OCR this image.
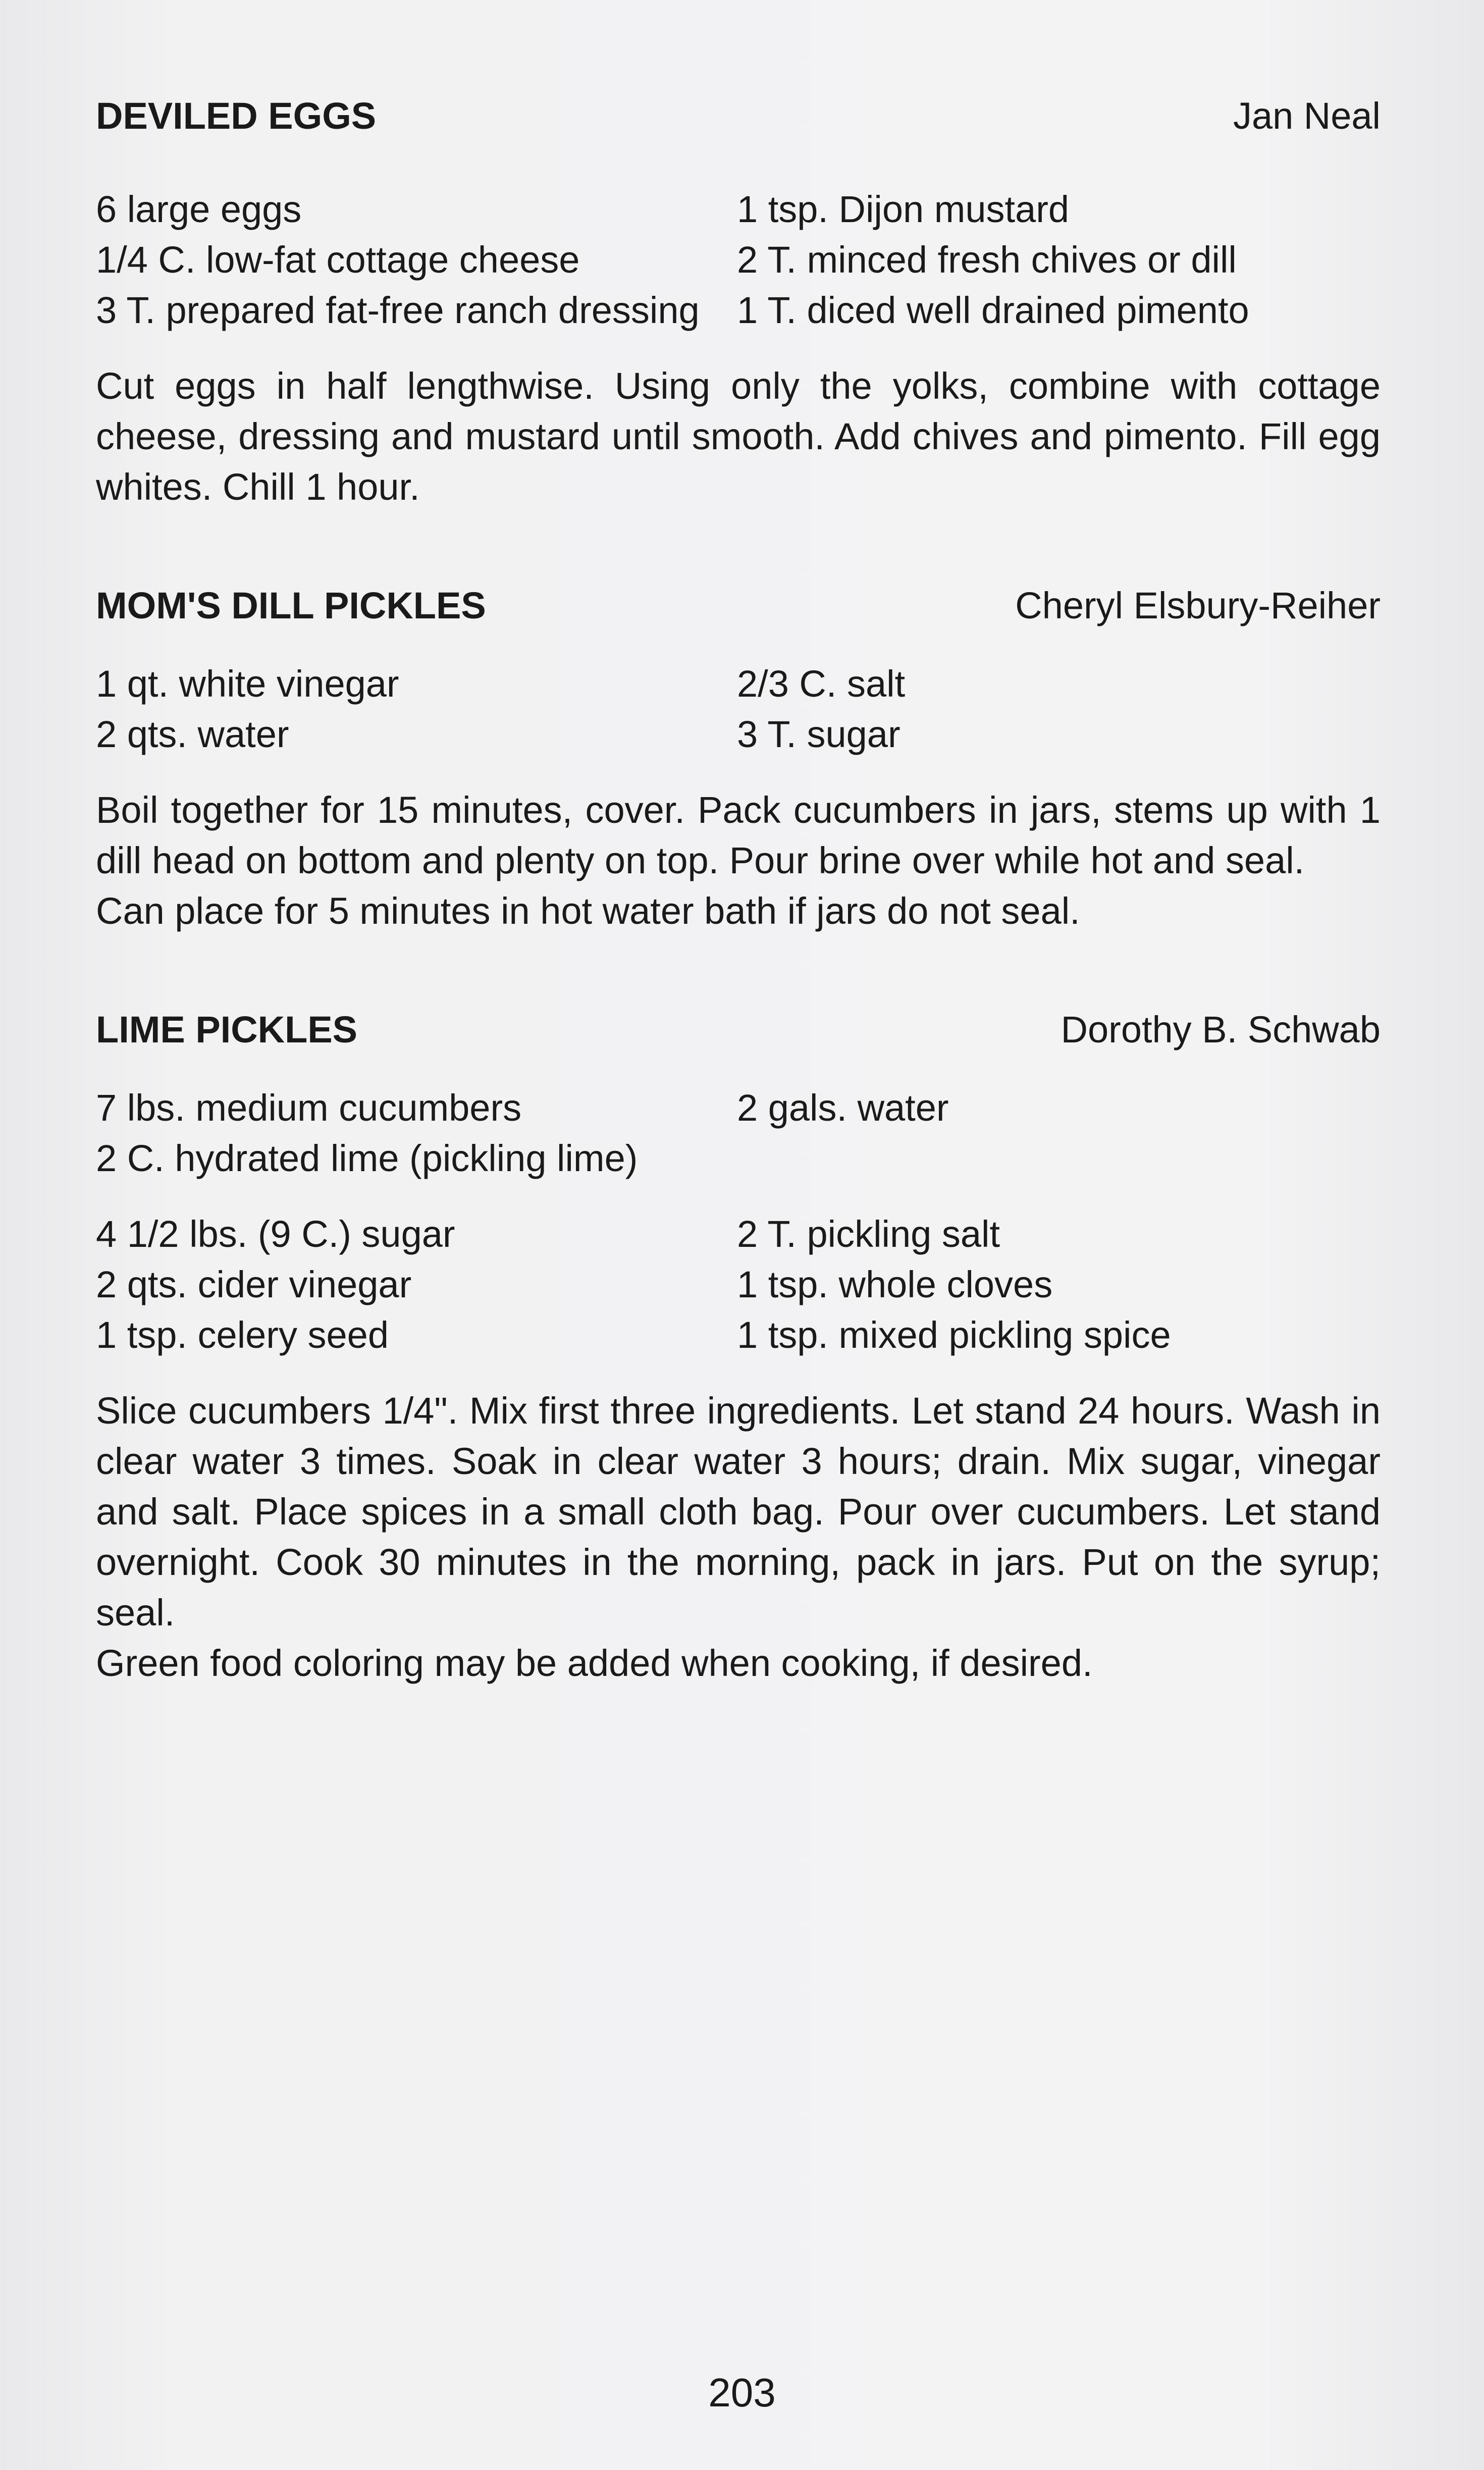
DEVILED EGGS	Jan Neal
6 large eggs	1 tsp. Dijon mustard
1/4 C. low-fat cottage cheese	2 T. minced fresh chives or dill
3 T. prepared fat-free ranch dressing	1 T. diced well drained pimento
Cut eggs in half lengthwise. Using only the yolks, combine with cottage cheese, dressing and mustard until smooth. Add chives and pimento. Fill egg whites. Chill 1 hour.
MOM'S DILL PICKLES	Cheryl Elsbury-Reiher
1 qt. white vinegar	2/3 C. salt
2 qts. water	3 T. sugar
Boil together for 15 minutes, cover. Pack cucumbers in jars, stems up with 1 dill head on bottom and plenty on top. Pour brine over while hot and seal.
Can place for 5 minutes in hot water bath if jars do not seal.
LIME PICKLES	Dorothy B. Schwab
7 lbs. medium cucumbers	2 gals. water
2 C. hydrated lime (pickling lime)
4 1/2 lbs. (9 C.) sugar	2 T. pickling salt
2 qts. cider vinegar	1 tsp. whole cloves
1 tsp. celery seed	1 tsp. mixed pickling spice
Slice cucumbers 1/4". Mix first three ingredients. Let stand 24 hours. Wash in clear water 3 times. Soak in clear water 3 hours; drain. Mix sugar, vinegar and salt. Place spices in a small cloth bag. Pour over cucumbers. Let stand overnight. Cook 30 minutes in the morning, pack in jars. Put on the syrup; seal.
Green food coloring may be added when cooking, if desired.
203
